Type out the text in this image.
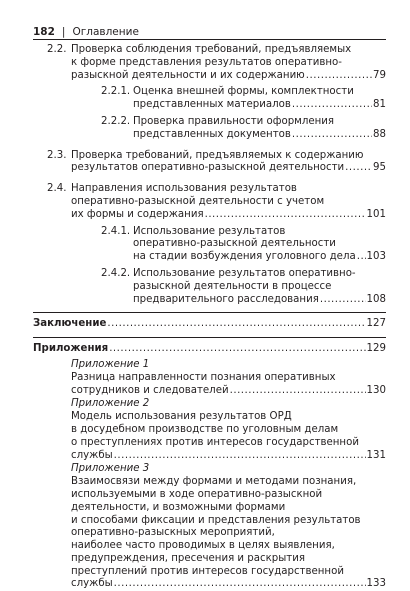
182 | Оглавление
2.2. Проверка соблюдения требований, предъявляемых
к форме представления результатов оперативно-
разыскной деятельности и их содержанию .....	79
2.2.1. Оценка внешней формы, комплектности
представленных материалов .....	81
2.2.2. Проверка правильности оформления
представленных документов .....	88
2.3. Проверка требований, предъявляемых к содержанию
результатов оперативно-разыскной деятельности .....	95
2.4. Направления использования результатов
оперативно-разыскной деятельности с учетом
их формы и содержания .....	101
2.4.1. Использование результатов
оперативно-разыскной деятельности
на стадии возбуждения уголовного дела ..... 103
2.4.2. Использование результатов оперативно-
разыскной деятельности в процессе
предварительного расследования .....	108
Заключение .....	127
Приложения .....	129
Приложение 1
Разница направленности познания оперативных
сотрудников и следователей .....	130
Приложение 2
Модель использования результатов ОРД
в досудебном производстве по уголовным делам
о преступлениях против интересов государственной
службы .....	131
Приложение 3
Взаимосвязи между формами и методами познания,
используемыми в ходе оперативно-разыскной
деятельности, и возможными формами
и способами фиксации и представления результатов
оперативно-разыскных мероприятий,
наиболее часто проводимых в целях выявления,
предупреждения, пресечения и раскрытия
преступлений против интересов государственной
службы .....	133
